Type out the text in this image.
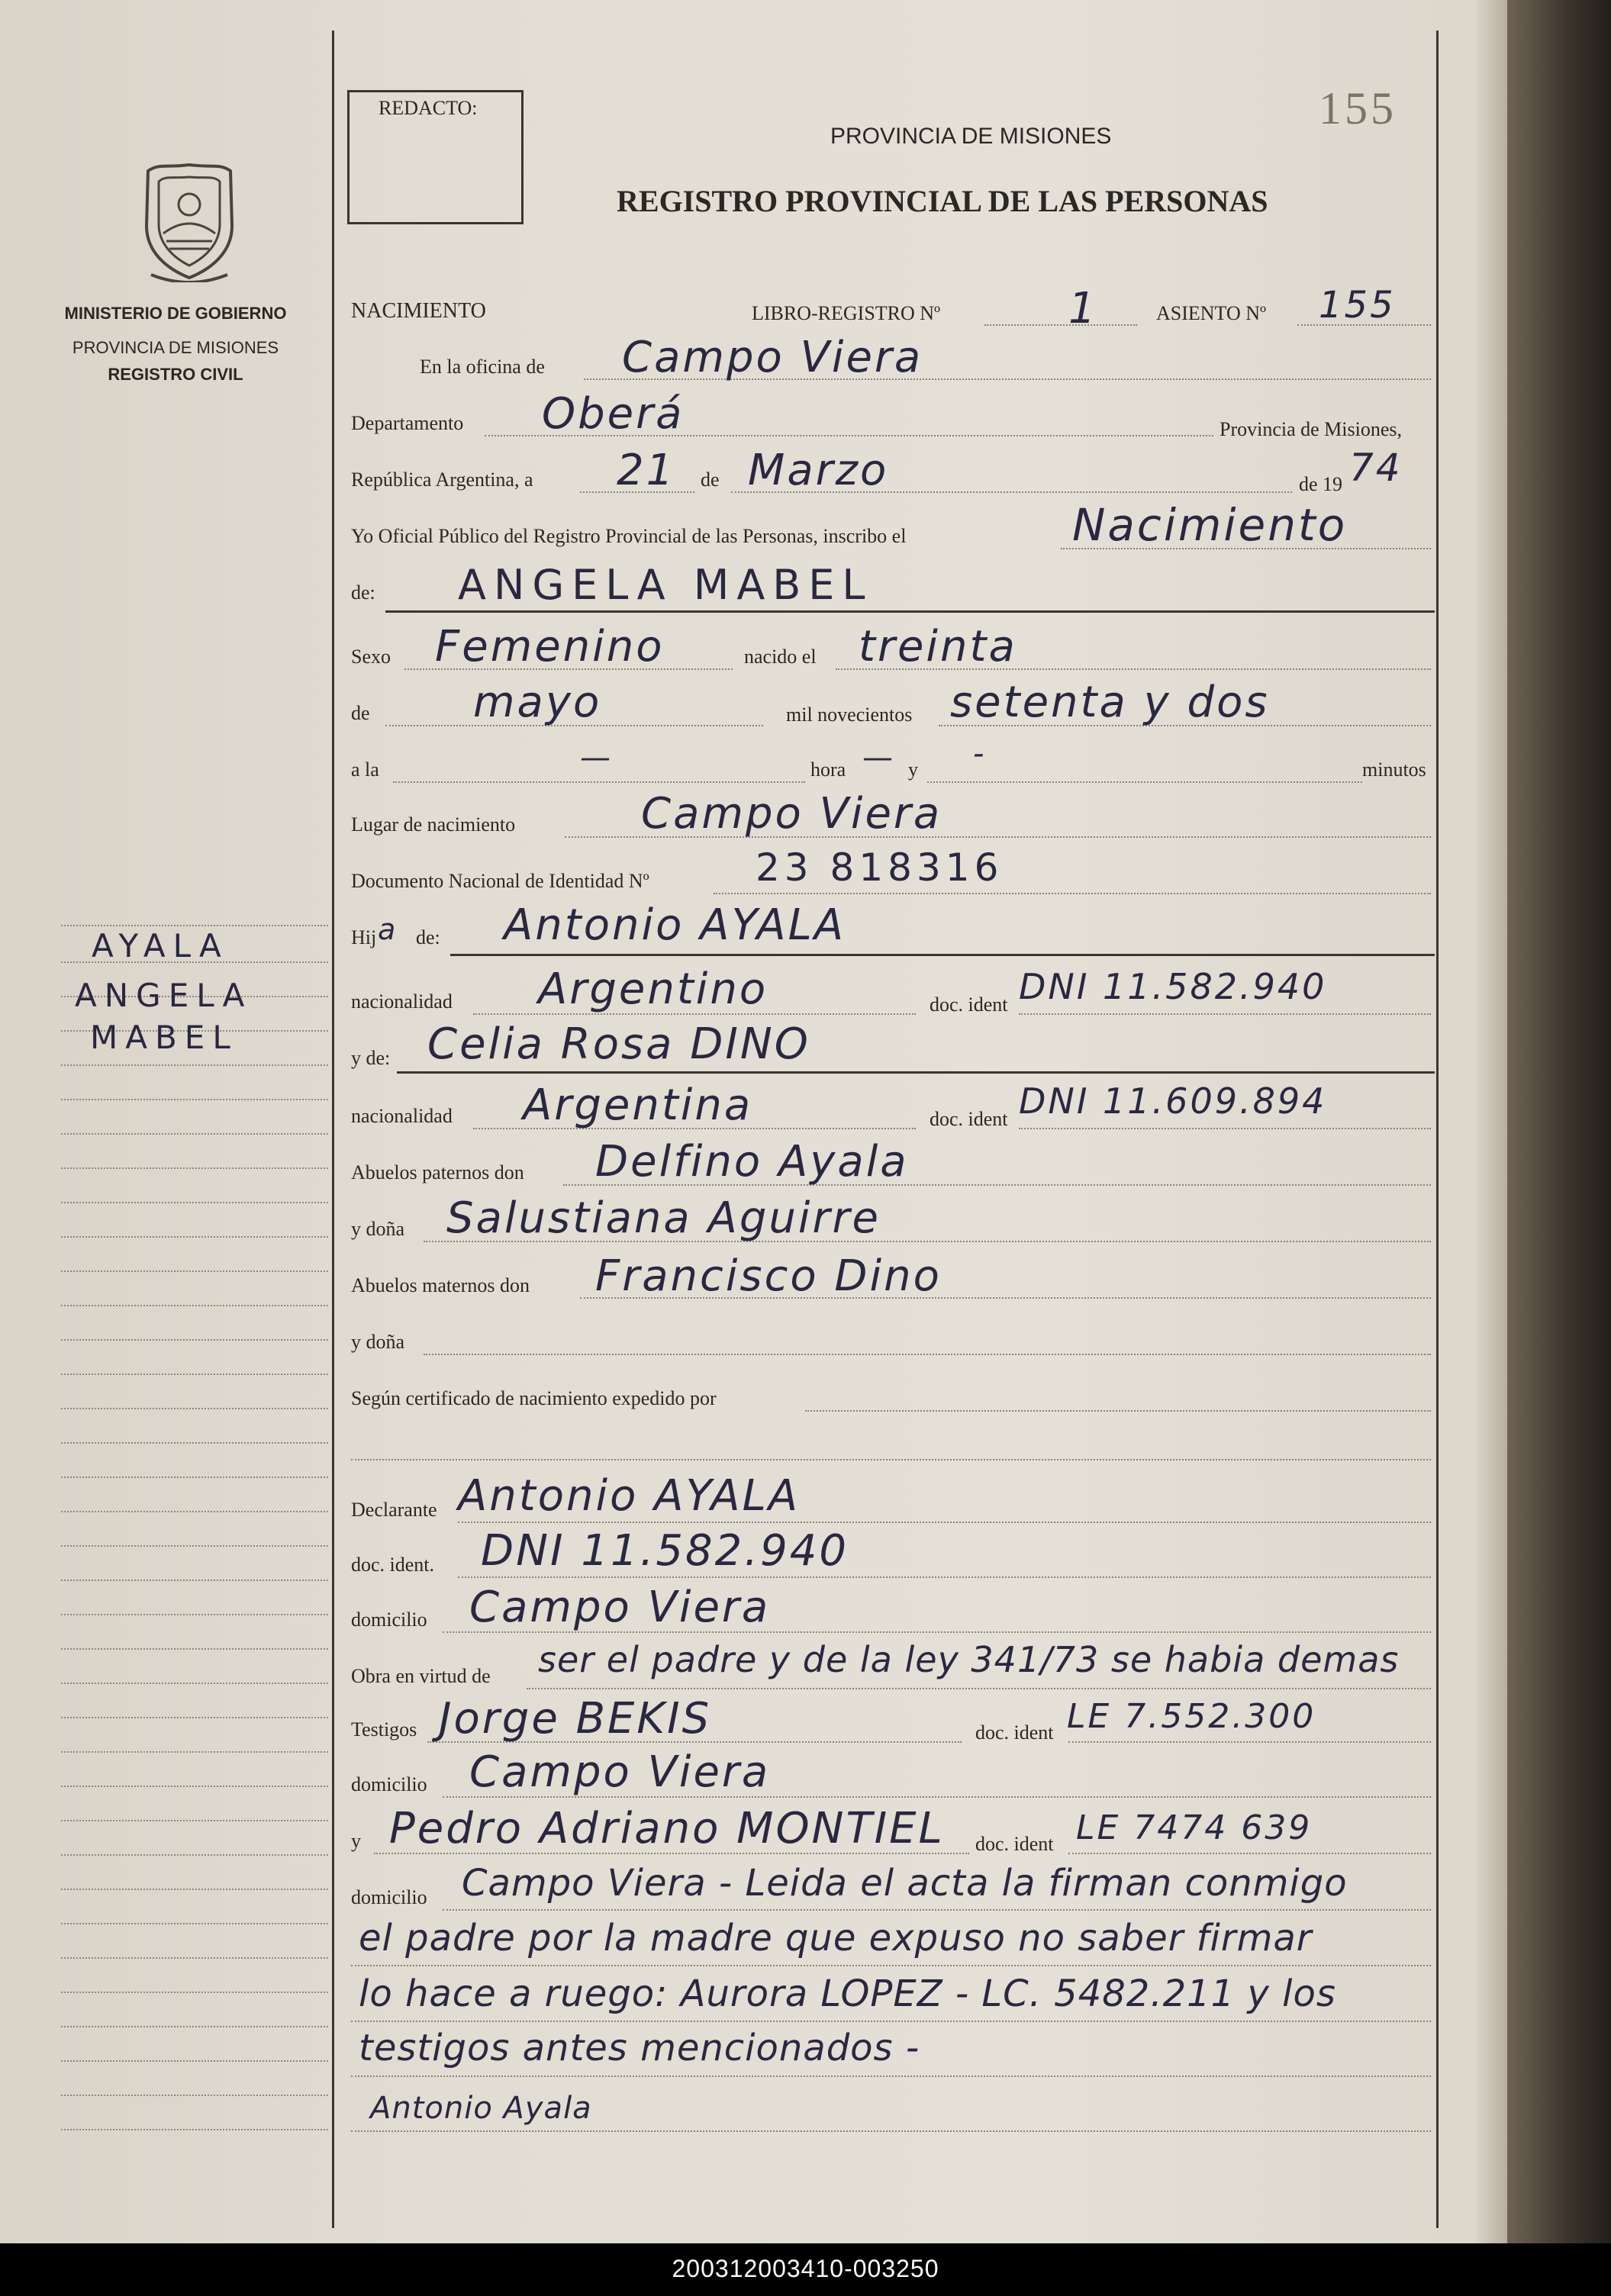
MINISTERIO DE GOBIERNO
PROVINCIA DE MISIONES
REGISTRO CIVIL
AYALA
ANGELA
MABEL
REDACTO:	155
PROVINCIA DE MISIONES
REGISTRO PROVINCIAL DE LAS PERSONAS
NACIMIENTO	LIBRO-REGISTRO Nº	1	ASIENTO Nº 155
En la oficina de Campo Viera
Departamento Oberá	Provincia de Misiones,
República Argentina, a 21 de Marzo	de 19 74
Yo Oficial Público del Registro Provincial de las Personas, inscribo el	Nacimiento
de: ANGELA MABEL
Sexo Femenino	nacido el treinta
de mayo	mil novecientos setenta y dos
a la	—	hora — y -	minutos
Lugar de nacimiento	Campo Viera
Documento Nacional de Identidad Nº	23 818316
Hij a de: Antonio AYALA
nacionalidad Argentino	doc. ident DNI 11.582.940
y de: Celia Rosa DINO
nacionalidad Argentina	doc. ident DNI 11.609.894
Abuelos paternos don Delfino Ayala
y doña Salustiana Aguirre
Abuelos maternos don Francisco Dino
y doña
Según certificado de nacimiento expedido por
Declarante Antonio AYALA
doc. ident. DNI 11.582.940
domicilio Campo Viera
Obra en virtud de ser el padre y de la ley 341/73 se habia demas
Testigos Jorge BEKIS	doc. ident LE 7.552.300
domicilio Campo Viera
y Pedro Adriano MONTIEL doc. ident LE 7474 639
domicilio Campo Viera - Leida el acta la firman conmigo
el padre por la madre que expuso no saber firmar
lo hace a ruego: Aurora LOPEZ - LC. 5482.211 y los
testigos antes mencionados -
Antonio Ayala
200312003410-003250
